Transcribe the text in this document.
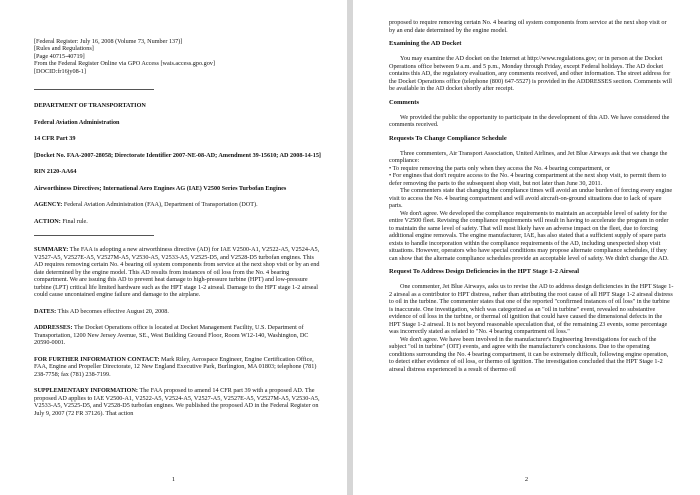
[Federal Register: July 16, 2008 (Volume 73, Number 137)]
[Rules and Regulations]
[Page 40715-40719]
From the Federal Register Online via GPO Access [wais.access.gpo.gov]
[DOCID:fr16jy08-1]

DEPARTMENT OF TRANSPORTATION

Federal Aviation Administration

14 CFR Part 39

[Docket No. FAA-2007-28058; Directorate Identifier 2007-NE-08-AD; Amendment 39-15610; AD 2008-14-15]

RIN 2120-AA64

Airworthiness Directives; International Aero Engines AG (IAE) V2500 Series Turbofan Engines

AGENCY: Federal Aviation Administration (FAA), Department of Transportation (DOT).

ACTION: Final rule.

SUMMARY: The FAA is adopting a new airworthiness directive (AD) for IAE V2500-A1, V2522-A5, V2524-A5, V2527-A5, V2527E-A5, V2527M-A5, V2530-A5, V2533-A5, V2525-D5, and V2528-D5 turbofan engines. This AD requires removing certain No. 4 bearing oil system components from service at the next shop visit or by an end date determined by the engine model. This AD results from instances of oil loss from the No. 4 bearing compartment. We are issuing this AD to prevent heat damage to high-pressure turbine (HPT) and low-pressure turbine (LPT) critical life limited hardware such as the HPT stage 1-2 airseal. Damage to the HPT stage 1-2 airseal could cause uncontained engine failure and damage to the airplane.

DATES: This AD becomes effective August 20, 2008.

ADDRESSES: The Docket Operations office is located at Docket Management Facility, U.S. Department of Transportation, 1200 New Jersey Avenue, SE., West Building Ground Floor, Room W12-140, Washington, DC 20590-0001.

FOR FURTHER INFORMATION CONTACT: Mark Riley, Aerospace Engineer, Engine Certification Office, FAA, Engine and Propeller Directorate, 12 New England Executive Park, Burlington, MA 01803; telephone (781) 238-7758; fax (781) 238-7199.

SUPPLEMENTARY INFORMATION: The FAA proposed to amend 14 CFR part 39 with a proposed AD. The proposed AD applies to IAE V2500-A1, V2522-A5, V2524-A5, V2527-A5, V2527E-A5, V2527M-A5, V2530-A5, V2533-A5, V2525-D5, and V2528-D5 turbofan engines. We published the proposed AD in the Federal Register on July 9, 2007 (72 FR 37126). That action

1

proposed to require removing certain No. 4 bearing oil system components from service at the next shop visit or by an end date determined by the engine model.

Examining the AD Docket

You may examine the AD docket on the Internet at http://www.regulations.gov; or in person at the Docket Operations office between 9 a.m. and 5 p.m., Monday through Friday, except Federal holidays. The AD docket contains this AD, the regulatory evaluation, any comments received, and other information. The street address for the Docket Operations office (telephone (800) 647-5527) is provided in the ADDRESSES section. Comments will be available in the AD docket shortly after receipt.

Comments

We provided the public the opportunity to participate in the development of this AD. We have considered the comments received.

Requests To Change Compliance Schedule

Three commenters, Air Transport Association, United Airlines, and Jet Blue Airways ask that we change the compliance:

• To require removing the parts only when they access the No. 4 bearing compartment, or

• For engines that don't require access to the No. 4 bearing compartment at the next shop visit, to permit them to defer removing the parts to the subsequent shop visit, but not later than June 30, 2011.

The commenters state that changing the compliance times will avoid an undue burden of forcing every engine visit to access the No. 4 bearing compartment and will avoid aircraft-on-ground situations due to lack of spare parts.

We don't agree. We developed the compliance requirements to maintain an acceptable level of safety for the entire V2500 fleet. Revising the compliance requirements will result in having to accelerate the program in order to maintain the same level of safety. That will most likely have an adverse impact on the fleet, due to forcing additional engine removals. The engine manufacturer, IAE, has also stated that a sufficient supply of spare parts exists to handle incorporation within the compliance requirements of the AD, including unexpected shop visit situations. However, operators who have special conditions may propose alternate compliance schedules, if they can show that the alternate compliance schedules provide an acceptable level of safety. We didn't change the AD.

Request To Address Design Deficiencies in the HPT Stage 1-2 Airseal

One commenter, Jet Blue Airways, asks us to revise the AD to address design deficiencies in the HPT Stage 1-2 airseal as a contributor to HPT distress, rather than attributing the root cause of all HPT Stage 1-2 airseal distress to oil in the turbine. The commenter states that one of the reported "confirmed instances of oil loss" in the turbine is inaccurate. One investigation, which was categorized as an "oil in turbine" event, revealed no substantive evidence of oil loss in the turbine, or thermal oil ignition that could have caused the dimensional defects in the HPT Stage 1-2 airseal. It is not beyond reasonable speculation that, of the remaining 23 events, some percentage was incorrectly stated as related to "No. 4 bearing compartment oil loss."

We don't agree. We have been involved in the manufacturer's Engineering Investigations for each of the subject "oil in turbine" (OIT) events, and agree with the manufacturer's conclusions. Due to the operating conditions surrounding the No. 4 bearing compartment, it can be extremely difficult, following engine operation, to detect either evidence of oil loss, or thermo oil ignition. The investigation concluded that the HPT Stage 1-2 airseal distress experienced is a result of thermo oil

2
